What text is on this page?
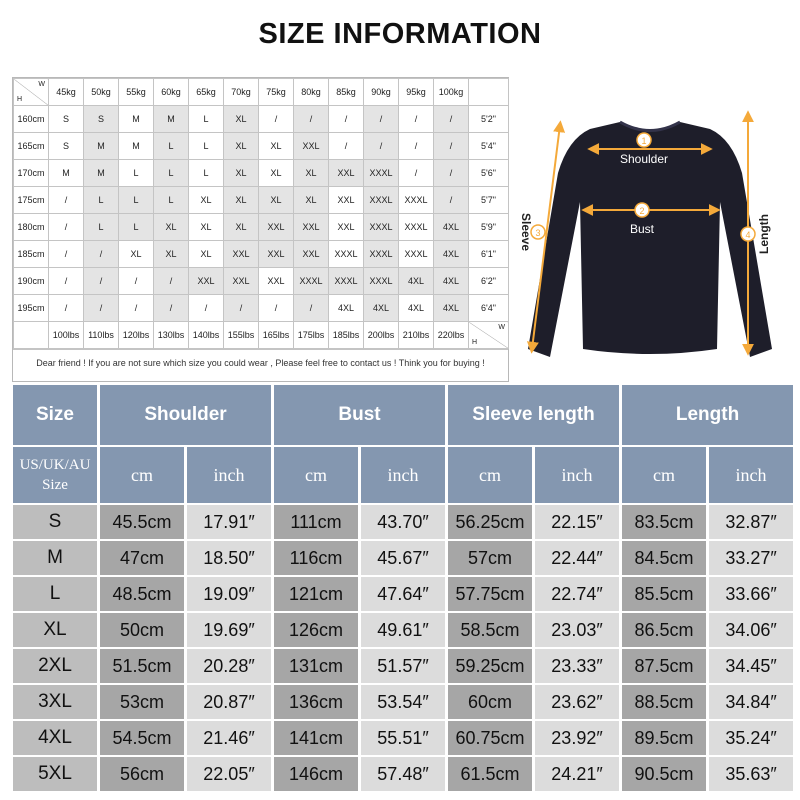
SIZE INFORMATION
H
W	45kg	50kg	55kg	60kg	65kg	70kg	75kg	80kg	85kg	90kg	95kg	100kg	
160cm	S	S	M	M	L	XL	/	/	/	/	/	/	5'2"
165cm	S	M	M	L	L	XL	XL	XXL	/	/	/	/	5'4"
170cm	M	M	L	L	L	XL	XL	XL	XXL	XXXL	/	/	5'6"
175cm	/	L	L	L	XL	XL	XL	XL	XXL	XXXL	XXXL	/	5'7"
180cm	/	L	L	XL	XL	XL	XXL	XXL	XXL	XXXL	XXXL	4XL	5'9"
185cm	/	/	XL	XL	XL	XXL	XXL	XXL	XXXL	XXXL	XXXL	4XL	6'1"
190cm	/	/	/	/	XXL	XXL	XXL	XXXL	XXXL	XXXL	4XL	4XL	6'2"
195cm	/	/	/	/	/	/	/	/	4XL	4XL	4XL	4XL	6'4"
	100lbs	110lbs	120lbs	130lbs	140lbs	155lbs	165lbs	175lbs	185lbs	200lbs	210lbs	220lbs	H
W
Dear friend ! If you are not sure which size you could wear , Please feel free to contact us ! Think you for buying !
1
Shoulder
2
Bust
3
Sleeve	4 Length
Size	Shoulder		Bust		Sleeve length		Length	
US/UK/AU Size	cm	inch	cm	inch	cm	inch	cm	inch
S	45.5cm	17.91″	111cm	43.70″	56.25cm	22.15″	83.5cm	32.87″
M	47cm	18.50″	116cm	45.67″	57cm	22.44″	84.5cm	33.27″
L	48.5cm	19.09″	121cm	47.64″	57.75cm	22.74″	85.5cm	33.66″
XL	50cm	19.69″	126cm	49.61″	58.5cm	23.03″	86.5cm	34.06″
2XL	51.5cm	20.28″	131cm	51.57″	59.25cm	23.33″	87.5cm	34.45″
3XL	53cm	20.87″	136cm	53.54″	60cm	23.62″	88.5cm	34.84″
4XL	54.5cm	21.46″	141cm	55.51″	60.75cm	23.92″	89.5cm	35.24″
5XL	56cm	22.05″	146cm	57.48″	61.5cm	24.21″	90.5cm	35.63″
